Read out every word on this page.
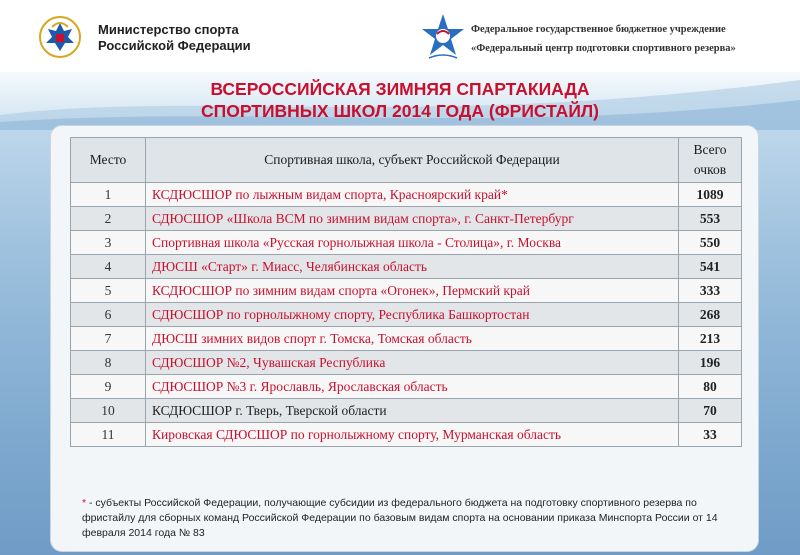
Министерство спорта
Российской Федерации
Федеральное государственное бюджетное учреждение
«Федеральный центр подготовки спортивного резерва»
ВСЕРОССИЙСКАЯ ЗИМНЯЯ СПАРТАКИАДА
СПОРТИВНЫХ ШКОЛ 2014 ГОДА (ФРИСТАЙЛ)
Место	Спортивная школа, субъект Российской Федерации	Всего
очков

1	КСДЮСШОР по лыжным видам спорта, Красноярский край*	1089
2	СДЮСШОР «Школа ВСМ по зимним видам спорта», г. Санкт-Петербург	553
3	Спортивная школа «Русская горнолыжная школа - Столица», г. Москва	550
4	ДЮСШ «Старт» г. Миасс, Челябинская область	541
5	КСДЮСШОР по зимним видам спорта «Огонек», Пермский край	333
6	СДЮСШОР по горнолыжному спорту, Республика Башкортостан	268
7	ДЮСШ зимних видов спорт г. Томска, Томская область	213
8	СДЮСШОР №2, Чувашская Республика	196
9	СДЮСШОР №3 г. Ярославль, Ярославская область	80
10	КСДЮСШОР г. Тверь, Тверской области	70
11	Кировская СДЮСШОР по горнолыжному спорту, Мурманская область	33
* - субъекты Российской Федерации, получающие субсидии из федерального бюджета на подготовку спортивного резерва по фристайлу для сборных команд Российской Федерации по базовым видам спорта на основании приказа Минспорта России от 14 февраля 2014 года № 83
